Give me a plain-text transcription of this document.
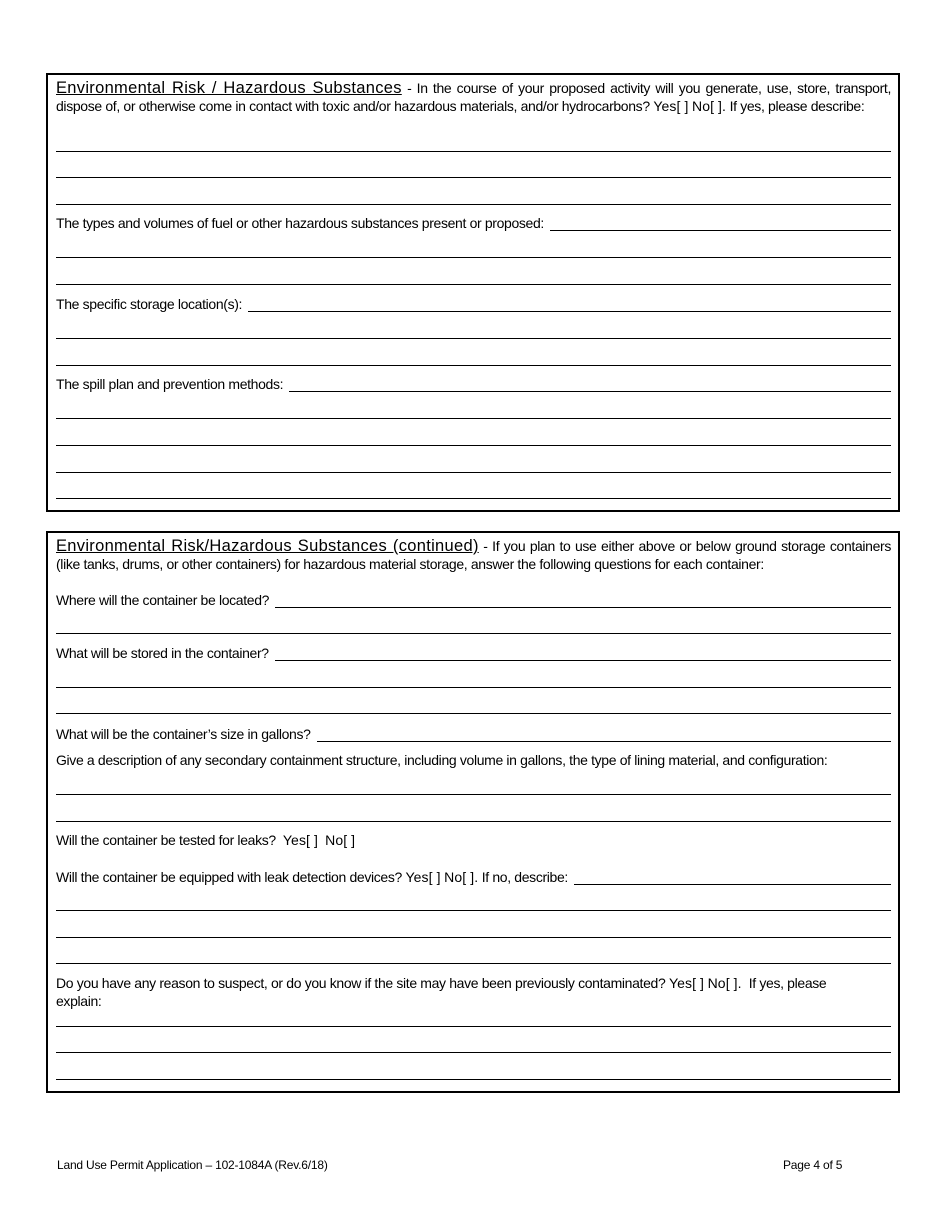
Environmental Risk / Hazardous Substances - In the course of your proposed activity will you generate, use, store, transport, dispose of, or otherwise come in contact with toxic and/or hazardous materials, and/or hydrocarbons? Yes[ ] No[ ]. If yes, please describe:

The types and volumes of fuel or other hazardous substances present or proposed:
The specific storage location(s):
The spill plan and prevention methods:

Environmental Risk/Hazardous Substances (continued) - If you plan to use either above or below ground storage containers (like tanks, drums, or other containers) for hazardous material storage, answer the following questions for each container:

Where will the container be located?
What will be stored in the container?
What will be the container’s size in gallons?

Give a description of any secondary containment structure, including volume in gallons, the type of lining material, and configuration:

Will the container be tested for leaks? Yes[ ] No[ ]

Will the container be equipped with leak detection devices?
Yes[ ]
No[ ].
If no, describe:

Do you have any reason to suspect, or do you know if the site may have been previously contaminated? Yes[ ] No[ ]. If yes, please explain:

Land Use Permit Application – 102-1084A (Rev.6/18)	Page 4 of 5
